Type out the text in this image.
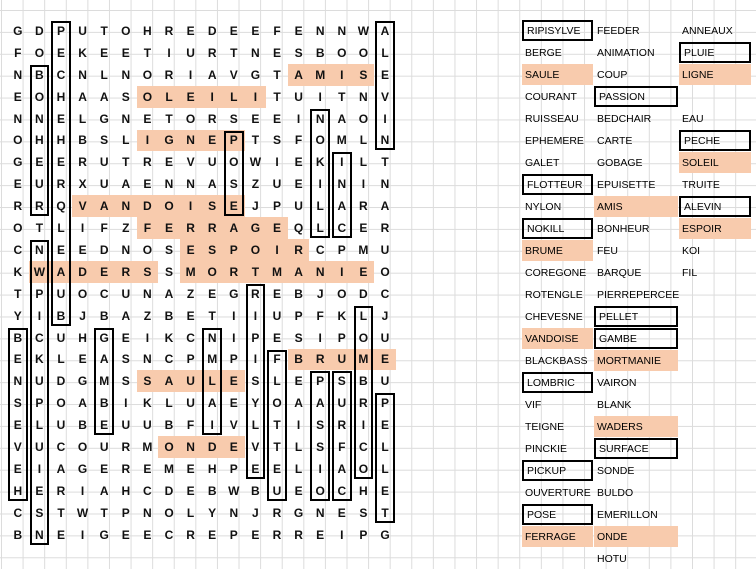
G	D	P	U	T	O	H	R	E	D	E	E	F	E	N	N W A
F	O	E	K	E	E	T	I	U	R	T	N	E	S	B	O	O	L
N	B	C	N	L	N	O	R	I	A	V	G	T	A	M	I	S	E
E	O	H	A	A	S	O	L	E	I	L	I	T	U	I	T	N	V
N	N	E	L	G	N	E	T	O	R	S	E	E	I	N	A	O	I
O	H	H	B	S	L	I	G	N	E	P	T	S	F	O M	L	N
G	E	E	R	U	T	R	E	V	U	O W	I	E	K	I	L	T
E	U	R	X	U	A	E	N	N	A	S	Z	U	E	I	N	I	N
R	R	Q	V	A	N	D	O	I	S	E	J	P	U	L	A	R	A
O	T	L	I	F	Z	F	E	R	R	A	G	E	Q	L	C	E	R
C	N	E	E	D	N	O	S	E	S	P	O	I	R	C	P	M	U
K W A	D	E	R	S	S	M O	R	T	M	A	N	I	E	O
T	P	U	O	C	U	N	A	Z	E	G	R	E	B	J	O	D	C
Y	I	B	J	B	A	Z	B	E	T	I	I	U	P	F	K	L	J
B	C	U	H	G	E	I	K	C	N	I	P	E	S	I	P	O	U
E	K	L	E	A	S	N	C	P	M	P	I	F	B	R	U	M	E
N	U	D	G M	S	S	A	U	L	E	S	L	E	P	S	B	U
S	P	O	A	B	I	K	L	U	A	E	Y	O	A	A	U	R	P
E	L	U	B	E	U	U	B	F	I	V	L	T	I	S	R	I	E
V	U	C	O	U	R	M O	N	D	E	V	T	L	S	F	C	L
E	I	A	G	E	R	E	M	E	H	P	E	E	L	I	A	O	L
H	E	R	I	A	H	C	D	E	B W B	U	E	O	C	H	E
C	S	T	W	T	P	N	O	L	Y	N	J	R	G	N	E	S	T
B	N	E	I	G	E	E	C	R	E	P	E	R	R	E	I	P	G
RIPISYLVE
BERGE
SAULE
COURANT
RUISSEAU
EPHEMERE
GALET
FLOTTEUR
NYLON
NOKILL
BRUME
COREGONE
ROTENGLE
CHEVESNE
VANDOISE
BLACKBASS
LOMBRIC
VIF
TEIGNE
PINCKIE
PICKUP
OUVERTURE
POSE
FERRAGE
FEEDER
ANIMATION
COUP
PASSION
BEDCHAIR
CARTE
GOBAGE
EPUISETTE
AMIS
BONHEUR
FEU
BARQUE
PIERREPERCEE
PELLET
GAMBE
MORTMANIE
VAIRON
BLANK
WADERS
SURFACE
SONDE
BULDO
EMERILLON
ONDE
HOTU
ANNEAUX
PLUIE
LIGNE
EAU
PECHE
SOLEIL
TRUITE
ALEVIN
ESPOIR
KOI
FIL
